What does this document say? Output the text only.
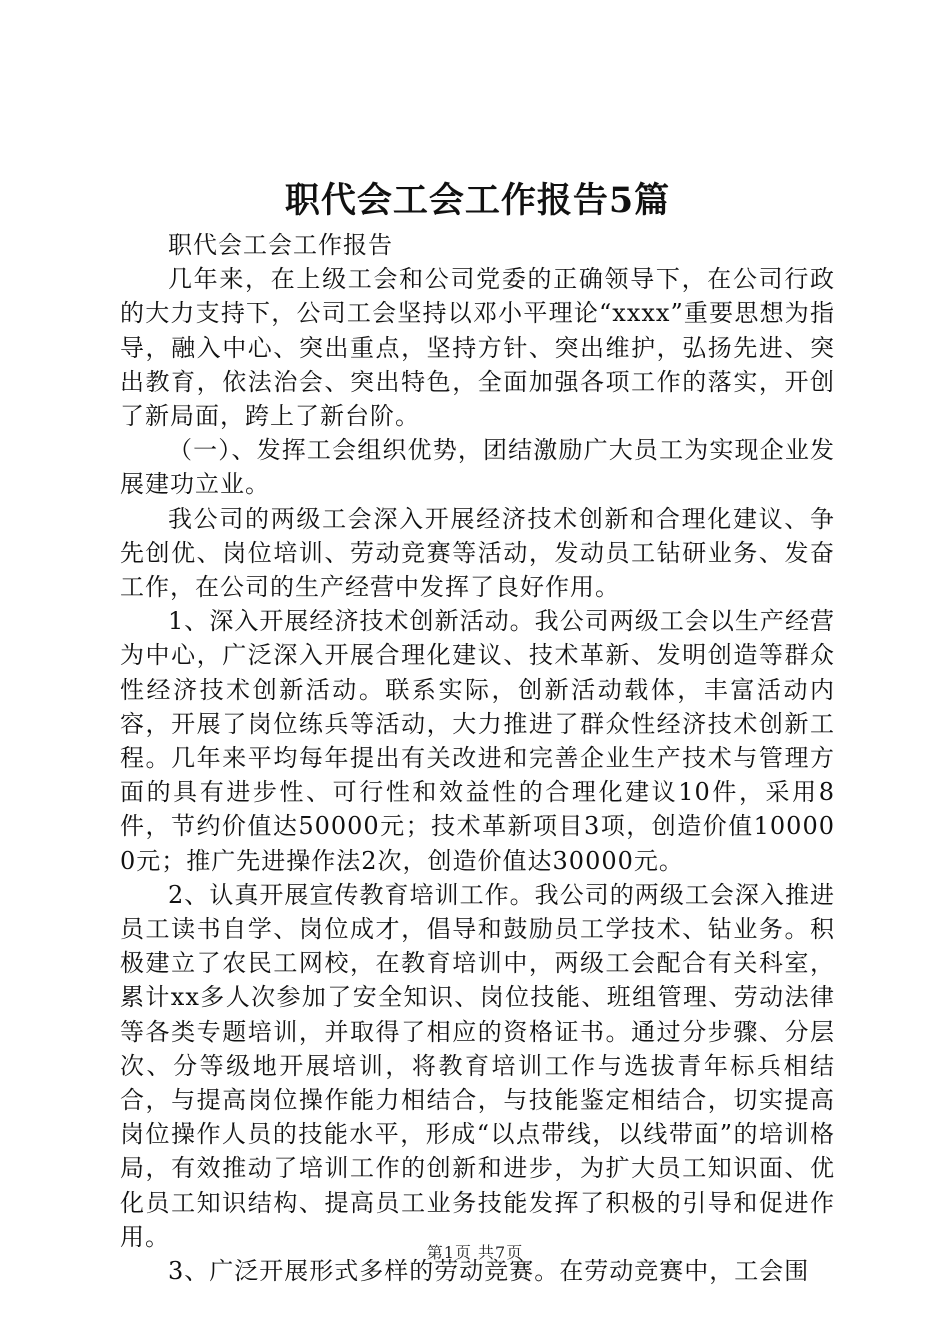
职代会工会工作报告5篇

职代会工会工作报告

几年来，在上级工会和公司党委的正确领导下，在公司行政的大力支持下，公司工会坚持以邓小平理论“xxxx”重要思想为指导，融入中心、突出重点，坚持方针、突出维护，弘扬先进、突出教育，依法治会、突出特色，全面加强各项工作的落实，开创了新局面，跨上了新台阶。

（一）、发挥工会组织优势，团结激励广大员工为实现企业发展建功立业。

我公司的两级工会深入开展经济技术创新和合理化建议、争先创优、岗位培训、劳动竞赛等活动，发动员工钻研业务、发奋工作，在公司的生产经营中发挥了良好作用。

1、深入开展经济技术创新活动。我公司两级工会以生产经营为中心，广泛深入开展合理化建议、技术革新、发明创造等群众性经济技术创新活动。联系实际，创新活动载体，丰富活动内容，开展了岗位练兵等活动，大力推进了群众性经济技术创新工程。几年来平均每年提出有关改进和完善企业生产技术与管理方面的具有进步性、可行性和效益性的合理化建议10件，采用8件，节约价值达50000元；技术革新项目3项，创造价值100000元；推广先进操作法2次，创造价值达30000元。

2、认真开展宣传教育培训工作。我公司的两级工会深入推进员工读书自学、岗位成才，倡导和鼓励员工学技术、钻业务。积极建立了农民工网校，在教育培训中，两级工会配合有关科室，累计xx多人次参加了安全知识、岗位技能、班组管理、劳动法律等各类专题培训，并取得了相应的资格证书。通过分步骤、分层次、分等级地开展培训，将教育培训工作与选拔青年标兵相结合，与提高岗位操作能力相结合，与技能鉴定相结合，切实提高岗位操作人员的技能水平，形成“以点带线，以线带面”的培训格局，有效推动了培训工作的创新和进步，为扩大员工知识面、优化员工知识结构、提高员工业务技能发挥了积极的引导和促进作用。

3、广泛开展形式多样的劳动竞赛。在劳动竞赛中，工会围

第1页 共7页
